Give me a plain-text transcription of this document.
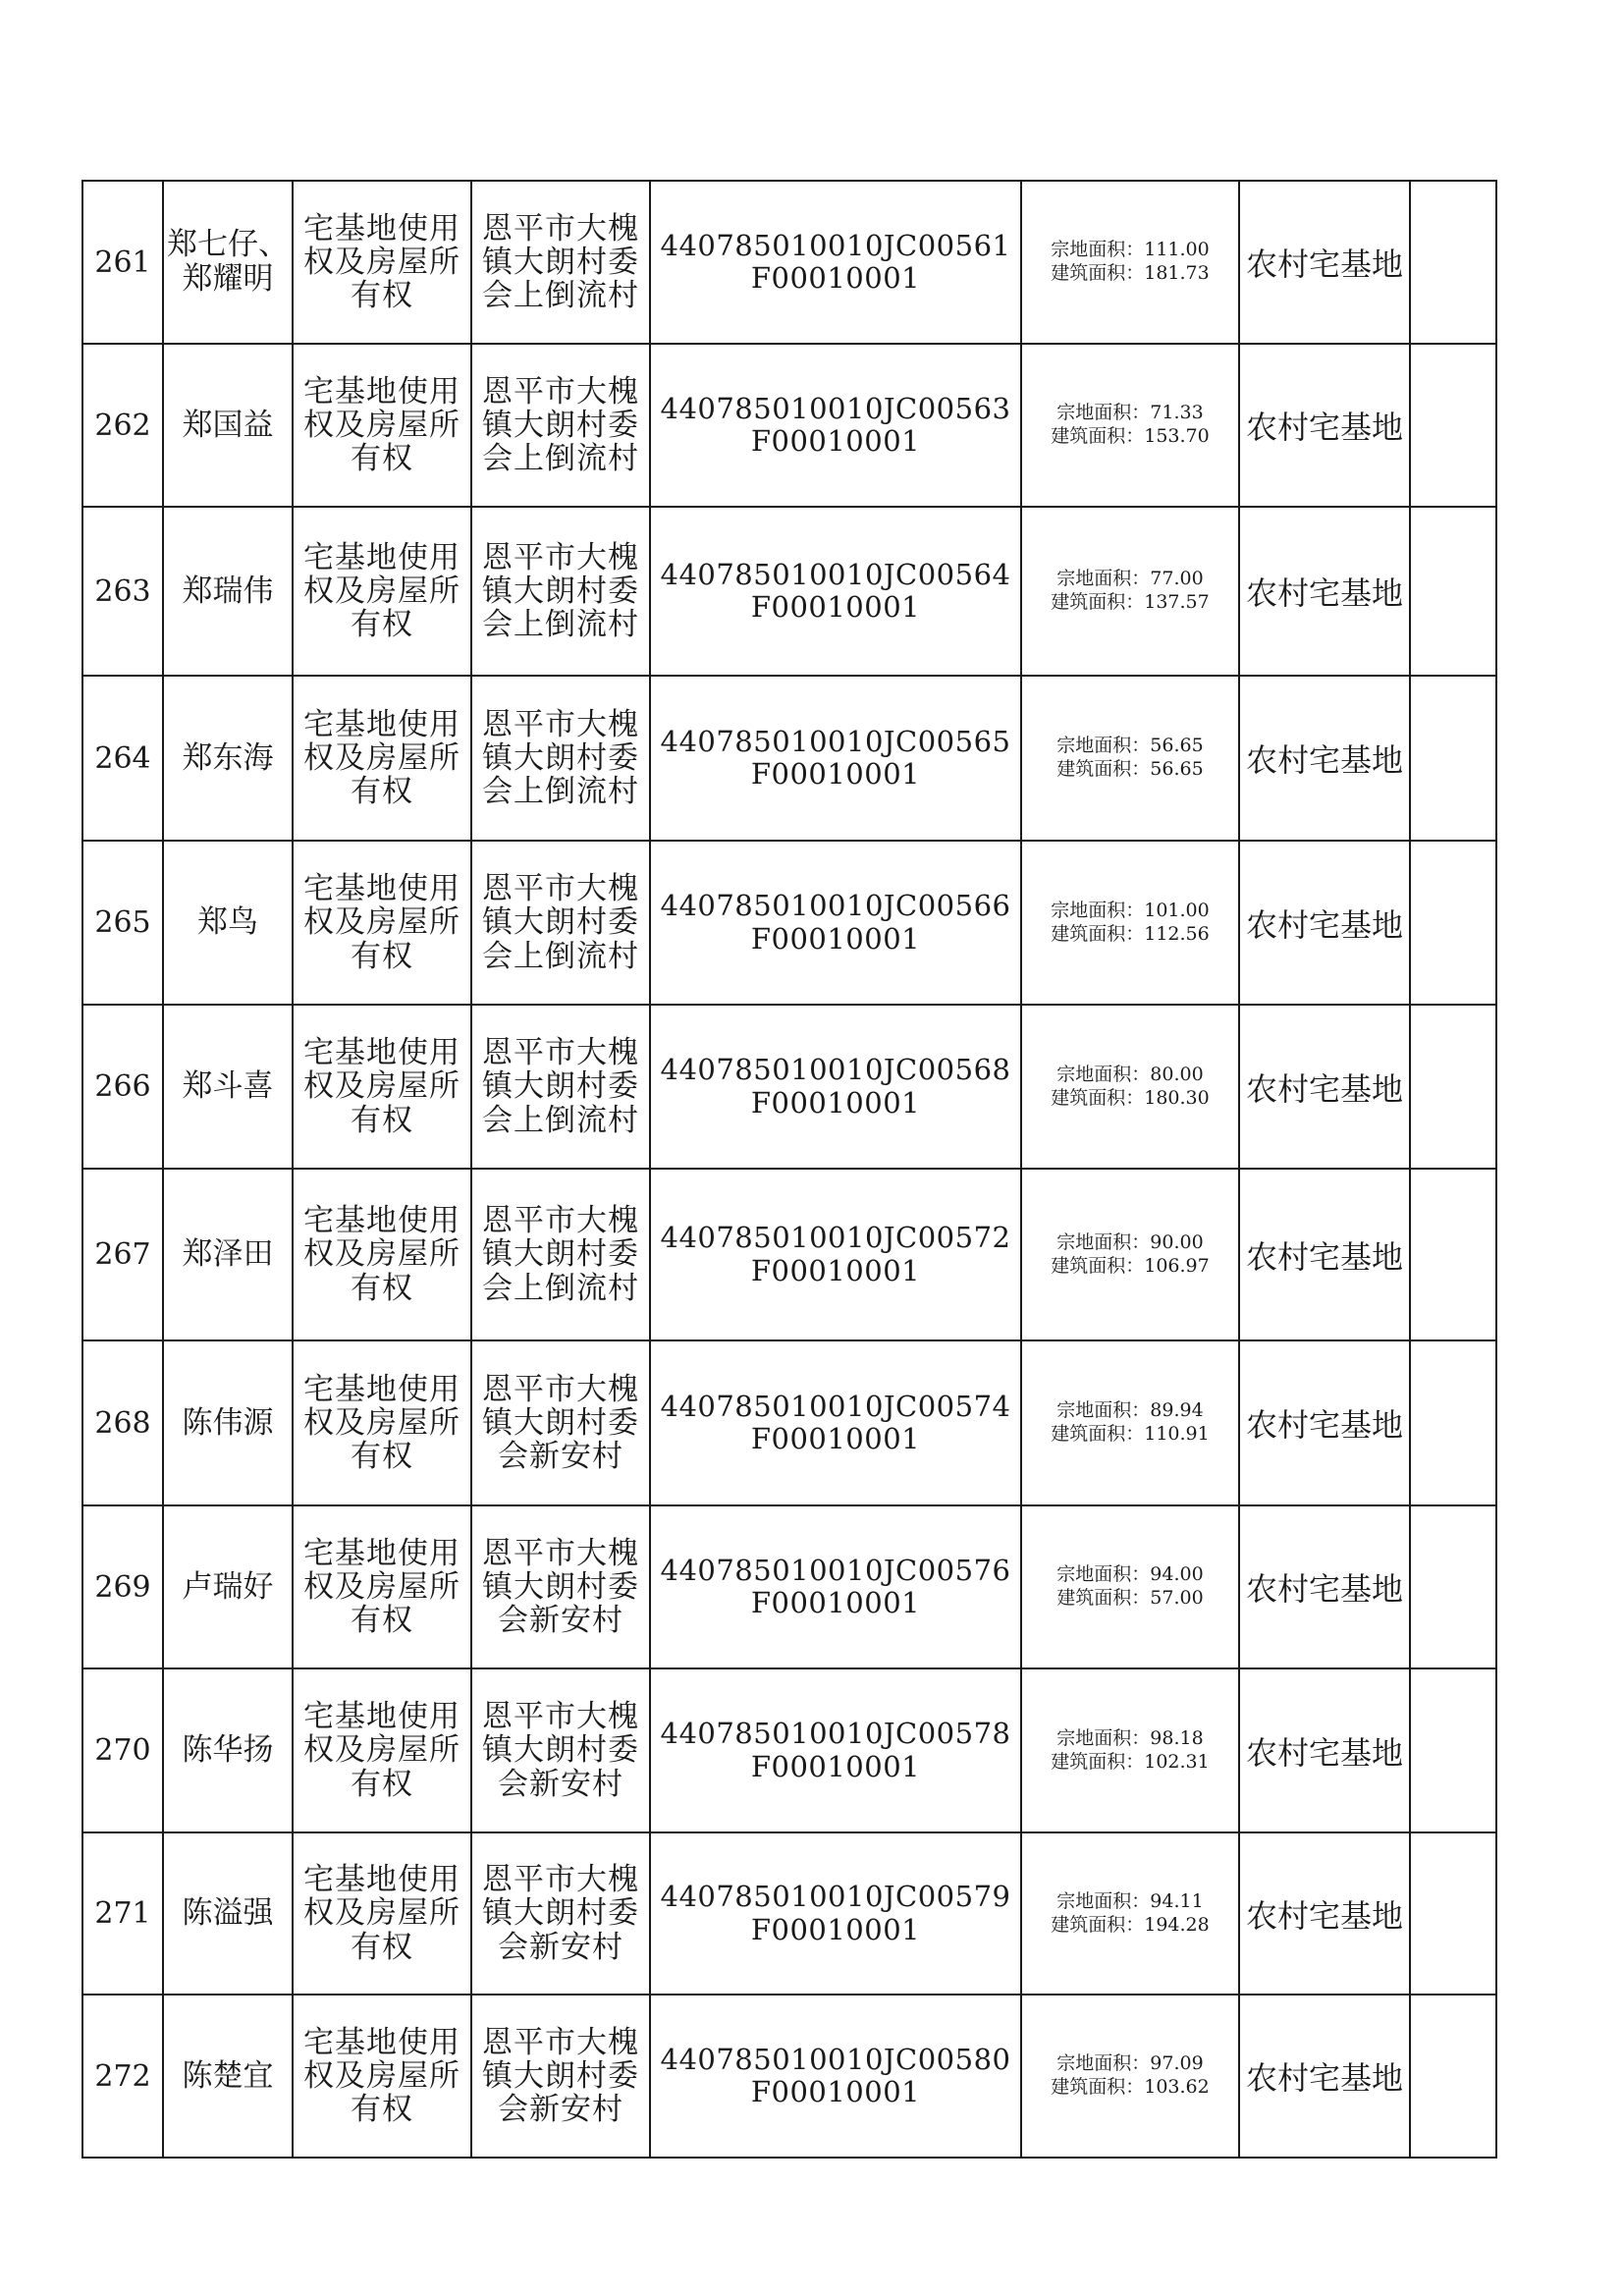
261	郑七仔、郑耀明	宅基地使用权及房屋所有权	恩平市大槐镇大朗村委会上倒流村	440785010010JC00561F00010001	宗地面积：111.00
建筑面积：181.73	农村宅基地	
262	郑国益	宅基地使用权及房屋所有权	恩平市大槐镇大朗村委会上倒流村	440785010010JC00563F00010001	宗地面积：71.33
建筑面积：153.70	农村宅基地	
263	郑瑞伟	宅基地使用权及房屋所有权	恩平市大槐镇大朗村委会上倒流村	440785010010JC00564F00010001	宗地面积：77.00
建筑面积：137.57	农村宅基地	
264	郑东海	宅基地使用权及房屋所有权	恩平市大槐镇大朗村委会上倒流村	440785010010JC00565F00010001	宗地面积：56.65
建筑面积：56.65	农村宅基地	
265	郑鸟	宅基地使用权及房屋所有权	恩平市大槐镇大朗村委会上倒流村	440785010010JC00566F00010001	宗地面积：101.00
建筑面积：112.56	农村宅基地	
266	郑斗喜	宅基地使用权及房屋所有权	恩平市大槐镇大朗村委会上倒流村	440785010010JC00568F00010001	宗地面积：80.00
建筑面积：180.30	农村宅基地	
267	郑泽田	宅基地使用权及房屋所有权	恩平市大槐镇大朗村委会上倒流村	440785010010JC00572F00010001	宗地面积：90.00
建筑面积：106.97	农村宅基地	
268	陈伟源	宅基地使用权及房屋所有权	恩平市大槐镇大朗村委会新安村	440785010010JC00574F00010001	宗地面积：89.94
建筑面积：110.91	农村宅基地	
269	卢瑞好	宅基地使用权及房屋所有权	恩平市大槐镇大朗村委会新安村	440785010010JC00576F00010001	宗地面积：94.00
建筑面积：57.00	农村宅基地	
270	陈华扬	宅基地使用权及房屋所有权	恩平市大槐镇大朗村委会新安村	440785010010JC00578F00010001	宗地面积：98.18
建筑面积：102.31	农村宅基地	
271	陈溢强	宅基地使用权及房屋所有权	恩平市大槐镇大朗村委会新安村	440785010010JC00579F00010001	宗地面积：94.11
建筑面积：194.28	农村宅基地	
272	陈楚宜	宅基地使用权及房屋所有权	恩平市大槐镇大朗村委会新安村	440785010010JC00580F00010001	宗地面积：97.09
建筑面积：103.62	农村宅基地	
